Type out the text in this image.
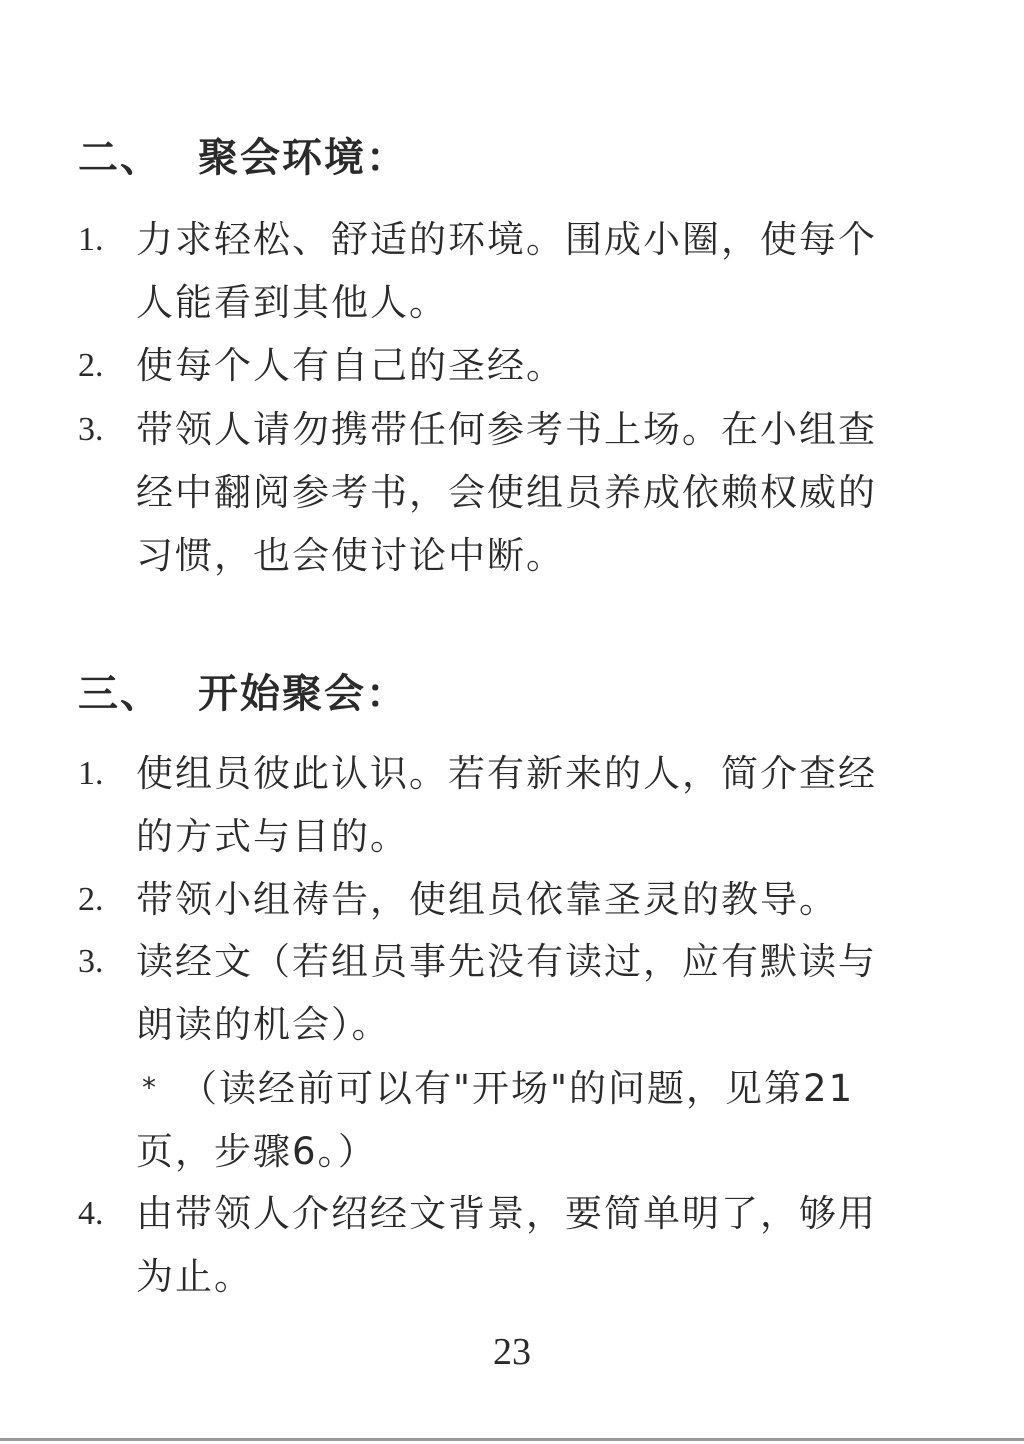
二、 聚会环境：
1. 力求轻松、舒适的环境。围成小圈，使每个人能看到其他人。
2. 使每个人有自己的圣经。
3. 带领人请勿携带任何参考书上场。在小组查经中翻阅参考书，会使组员养成依赖权威的习惯，也会使讨论中断。
三、 开始聚会：
1. 使组员彼此认识。若有新来的人，简介查经的方式与目的。
2. 带领小组祷告，使组员依靠圣灵的教导。
3. 读经文（若组员事先没有读过，应有默读与朗读的机会）。
* （读经前可以有"开场"的问题，见第21页，步骤6。）
4. 由带领人介绍经文背景，要简单明了，够用为止。
23
